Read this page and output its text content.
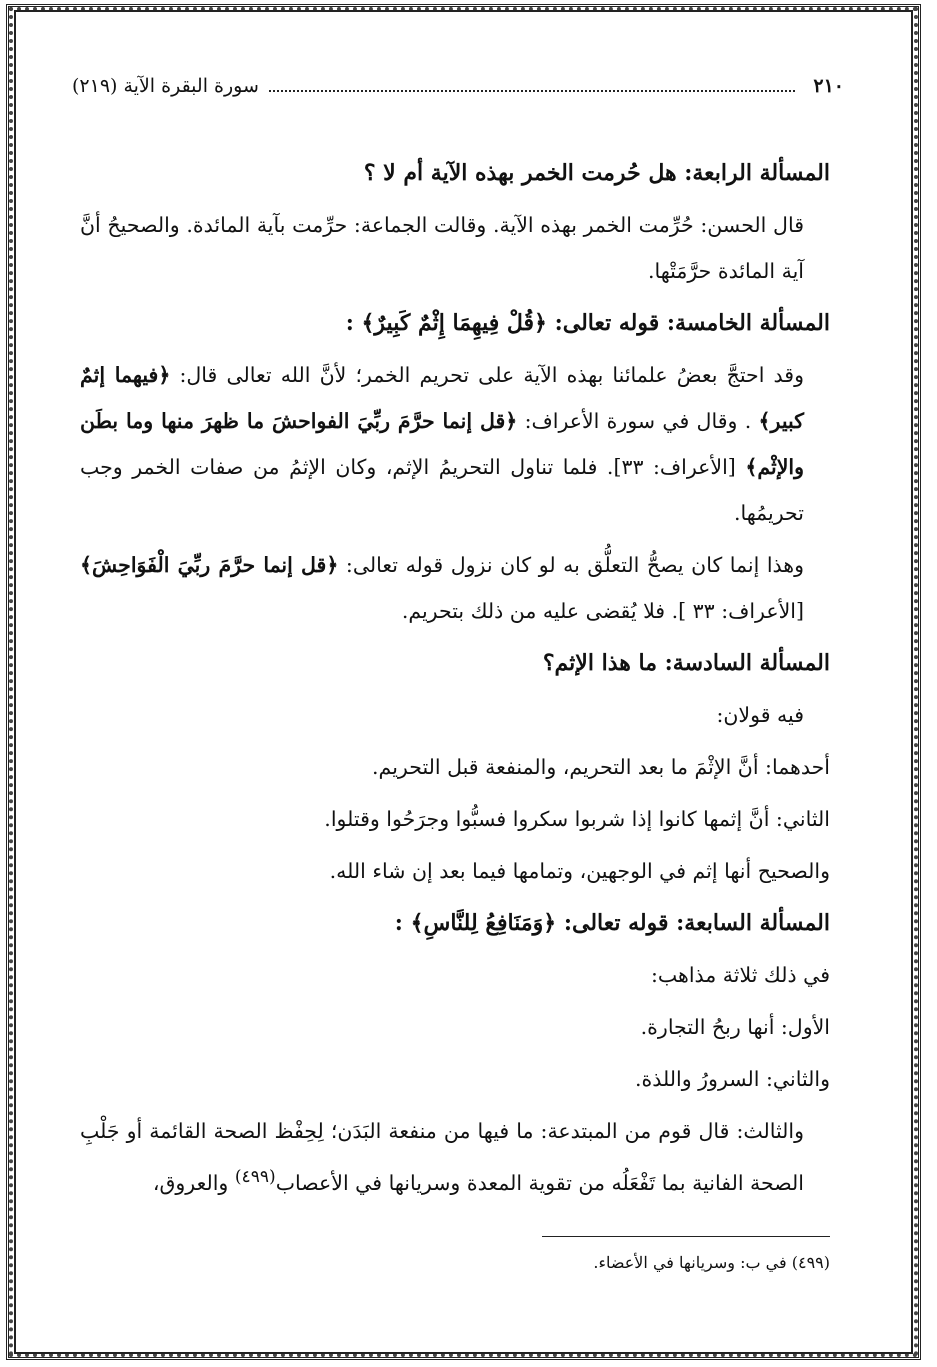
٢١٠
سورة البقرة الآية (٢١٩)

المسألة الرابعة: هل حُرمت الخمر بهذه الآية أم لا ؟

قال الحسن: حُرِّمت الخمر بهذه الآية. وقالت الجماعة: حرِّمت بآية المائدة. والصحيحُ أنَّ آية المائدة حرَّمَتْها.

المسألة الخامسة: قوله تعالى: ﴿قُلْ فِيهِمَا إِثْمٌ كَبِيرٌ﴾ :

وقد احتجَّ بعضُ علمائنا بهذه الآية على تحريم الخمر؛ لأنَّ الله تعالى قال: ﴿فيهما إثمٌ كبير﴾ . وقال في سورة الأعراف: ﴿قل إنما حرَّمَ ربِّيَ الفواحشَ ما ظهرَ منها وما بطَن والإثْم﴾ [الأعراف: ٣٣]. فلما تناول التحريمُ الإثم، وكان الإثمُ من صفات الخمر وجب تحريمُها.

وهذا إنما كان يصحُّ التعلُّق به لو كان نزول قوله تعالى: ﴿قل إنما حرَّمَ ربِّيَ الْفَوَاحِشَ﴾ [الأعراف: ٣٣ ]. فلا يُقضى عليه من ذلك بتحريم.

المسألة السادسة: ما هذا الإثم؟

فيه قولان:

أحدهما: أنَّ الإثْمَ ما بعد التحريم، والمنفعة قبل التحريم.

الثاني: أنَّ إثمها كانوا إذا شربوا سكروا فسبُّوا وجرَحُوا وقتلوا.

والصحيح أنها إثم في الوجهين، وتمامها فيما بعد إن شاء الله.

المسألة السابعة: قوله تعالى: ﴿وَمَنَافِعُ لِلنَّاسِ﴾ :

في ذلك ثلاثة مذاهب:

الأول: أنها ربحُ التجارة.

والثاني: السرورُ واللذة.

والثالث: قال قوم من المبتدعة: ما فيها من منفعة البَدَن؛ لِحِفْظ الصحة القائمة أو جَلْبِ الصحة الفانية بما تَفْعَلُه من تقوية المعدة وسريانها في الأعصاب$^{(٤٩٩)}$ والعروق،

(٤٩٩) في ب: وسريانها في الأعضاء.
